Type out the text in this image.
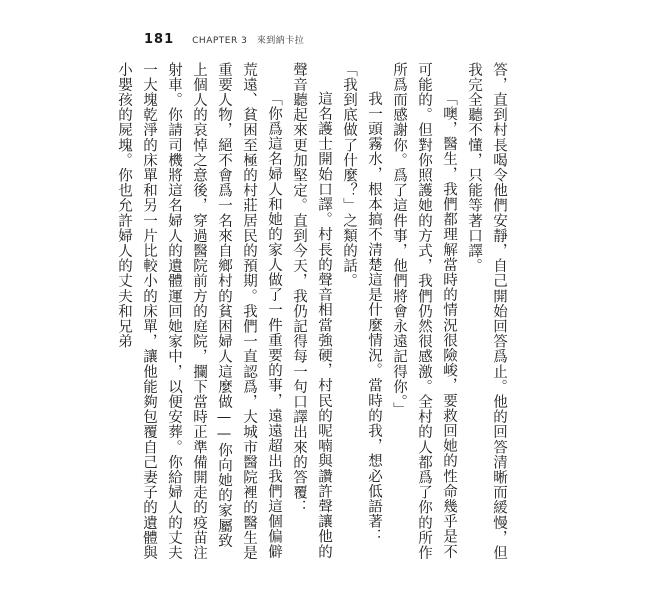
181 CHAPTER 3　來到納卡拉

答，直到村長喝令他們安靜，自己開始回答爲止。他的回答清晰而緩慢，但我完全聽不懂，只能等著口譯。

「噢，醫生，我們都理解當時的情況很險峻，要救回她的性命幾乎是不可能的。但對你照護她的方式，我們仍然很感激。全村的人都爲了你的所作所爲而感謝你。爲了這件事，他們將會永遠記得你。」

我一頭霧水，根本搞不清楚這是什麼情況。當時的我，想必低語著：「我到底做了什麼？」之類的話。

這名護士開始口譯。村長的聲音相當強硬，村民的呢喃與讚許聲讓他的聲音聽起來更加堅定。直到今天，我仍記得每一句口譯出來的答覆：

「你爲這名婦人和她的家人做了一件重要的事，遠遠超出我們這個偏僻荒遠、貧困至極的村莊居民的預期。我們一直認爲，大城市醫院裡的醫生是重要人物，絕不會爲一名來自鄉村的貧困婦人這麼做——你向她的家屬致上個人的哀悼之意後，穿過醫院前方的庭院，攔下當時正準備開走的疫苗注射車。你請司機將這名婦人的遺體運回她家中，以便安葬。你給婦人的丈夫一大塊乾淨的床單和另一片比較小的床單，讓他能夠包覆自己妻子的遺體與小嬰孩的屍塊。你也允許婦人的丈夫和兄弟
